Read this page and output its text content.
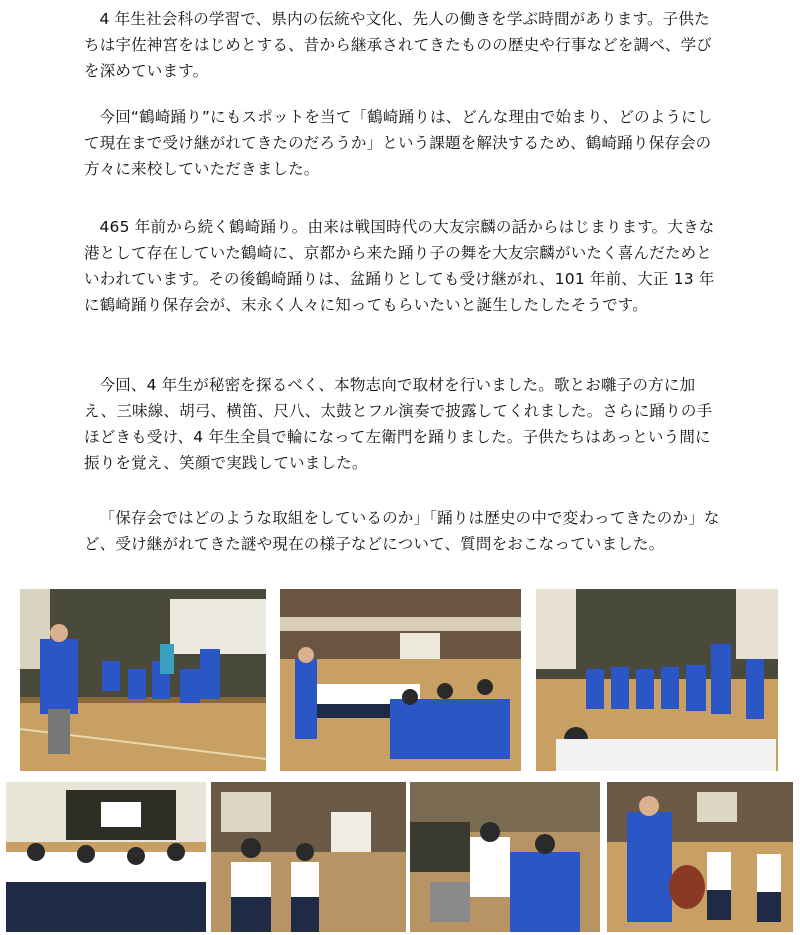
4 年生社会科の学習で、県内の伝統や文化、先人の働きを学ぶ時間があります。子供たちは宇佐神宮をはじめとする、昔から継承されてきたものの歴史や行事などを調べ、学びを深めています。

今回“鶴崎踊り”にもスポットを当て「鶴崎踊りは、どんな理由で始まり、どのようにして現在まで受け継がれてきたのだろうか」という課題を解決するため、鶴崎踊り保存会の方々に来校していただきました。

465 年前から続く鶴崎踊り。由来は戦国時代の大友宗麟の話からはじまります。大きな港として存在していた鶴崎に、京都から来た踊り子の舞を大友宗麟がいたく喜んだためといわれています。その後鶴崎踊りは、盆踊りとしても受け継がれ、101 年前、大正 13 年に鶴崎踊り保存会が、末永く人々に知ってもらいたいと誕生したしたそうです。

今回、4 年生が秘密を探るべく、本物志向で取材を行いました。歌とお囃子の方に加え、三味線、胡弓、横笛、尺八、太鼓とフル演奏で披露してくれました。さらに踊りの手ほどきも受け、4 年生全員で輪になって左衛門を踊りました。子供たちはあっという間に振りを覚え、笑顔で実践していました。

「保存会ではどのような取組をしているのか」「踊りは歴史の中で変わってきたのか」など、受け継がれてきた謎や現在の様子などについて、質問をおこなっていました。
